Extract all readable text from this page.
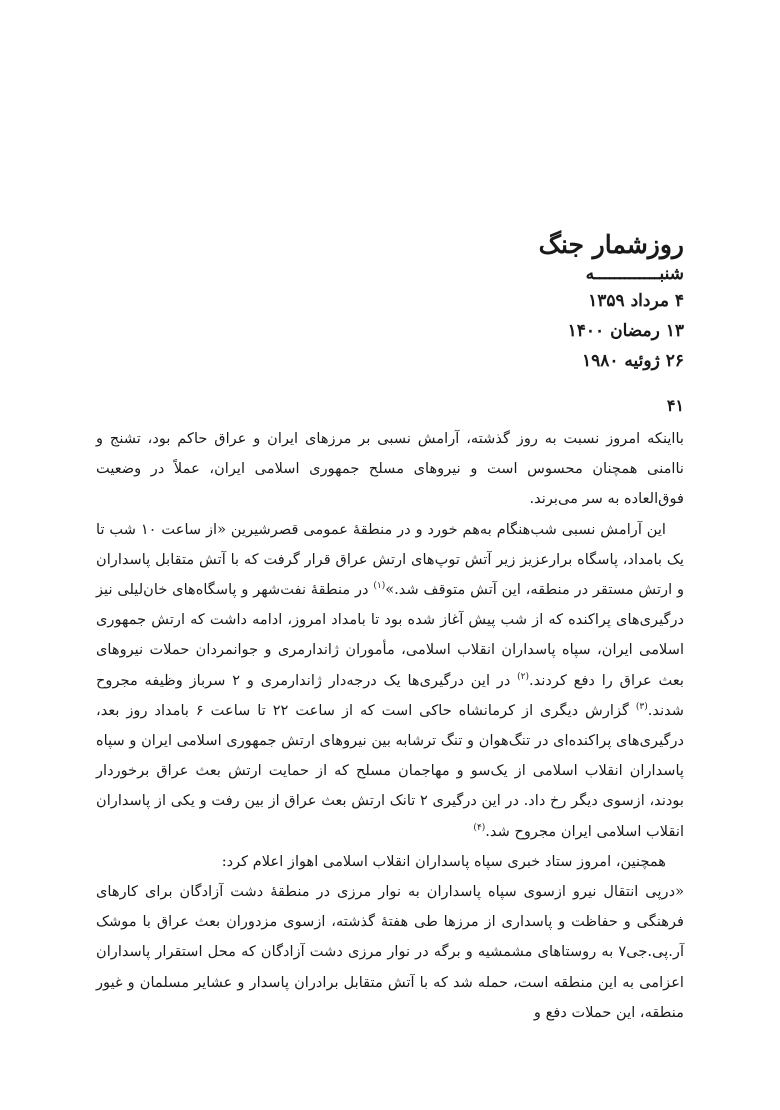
روزشمار جنگ
شنبـــــــــــــه
۴ مرداد ۱۳۵۹
۱۳ رمضان ۱۴۰۰
۲۶ ژوئیه ۱۹۸۰
۴۱

بااینکه امروز نسبت به روز گذشته، آرامش نسبی بر مرزهای ایران و عراق حاکم بود، تشنج و ناامنی همچنان محسوس است و نیروهای مسلح جمهوری اسلامی ایران، عملاً در وضعیت فوق‌العاده به سر می‌برند.

این آرامش نسبی شب‌هنگام به‌هم خورد و در منطقهٔ عمومی قصرشیرین «از ساعت ۱۰ شب تا یک بامداد، پاسگاه برارعزیز زیر آتش توپ‌های ارتش عراق قرار گرفت که با آتش متقابل پاسداران و ارتش مستقر در منطقه، این آتش متوقف شد.»$^{(۱)}$ در منطقهٔ نفت‌شهر و پاسگاه‌های خان‌لیلی نیز درگیری‌های پراکنده که از شب پیش آغاز شده بود تا بامداد امروز، ادامه داشت که ارتش جمهوری اسلامی ایران، سپاه پاسداران انقلاب اسلامی، مأموران ژاندارمری و جوانمردان حملات نیروهای بعث عراق را دفع کردند.$^{(۲)}$ در این درگیری‌ها یک درجه‌دار ژاندارمری و ۲ سرباز وظیفه مجروح شدند.$^{(۳)}$ گزارش دیگری از کرمانشاه حاکی است که از ساعت ۲۲ تا ساعت ۶ بامداد روز بعد، درگیری‌های پراکنده‌ای در تنگ‌هوان و تنگ ترشابه بین نیروهای ارتش جمهوری اسلامی ایران و سپاه پاسداران انقلاب اسلامی از یک‌سو و مهاجمان مسلح که از حمایت ارتش بعث عراق برخوردار بودند، ازسوی دیگر رخ داد. در این درگیری ۲ تانک ارتش بعث عراق از بین رفت و یکی از پاسداران انقلاب اسلامی ایران مجروح شد.$^{(۴)}$

همچنین، امروز ستاد خبری سپاه پاسداران انقلاب اسلامی اهواز اعلام کرد:

«درپی انتقال نیرو ازسوی سپاه پاسداران به نوار مرزی در منطقهٔ دشت آزادگان برای کارهای فرهنگی و حفاظت و پاسداری از مرزها طی هفتهٔ گذشته، ازسوی مزدوران بعث عراق با موشک آر.پی.جی۷ به روستاهای مشمشیه و برگه در نوار مرزی دشت آزادگان که محل استقرار پاسداران اعزامی به این منطقه است، حمله شد که با آتش متقابل برادران پاسدار و عشایر مسلمان و غیور منطقه، این حملات دفع و
